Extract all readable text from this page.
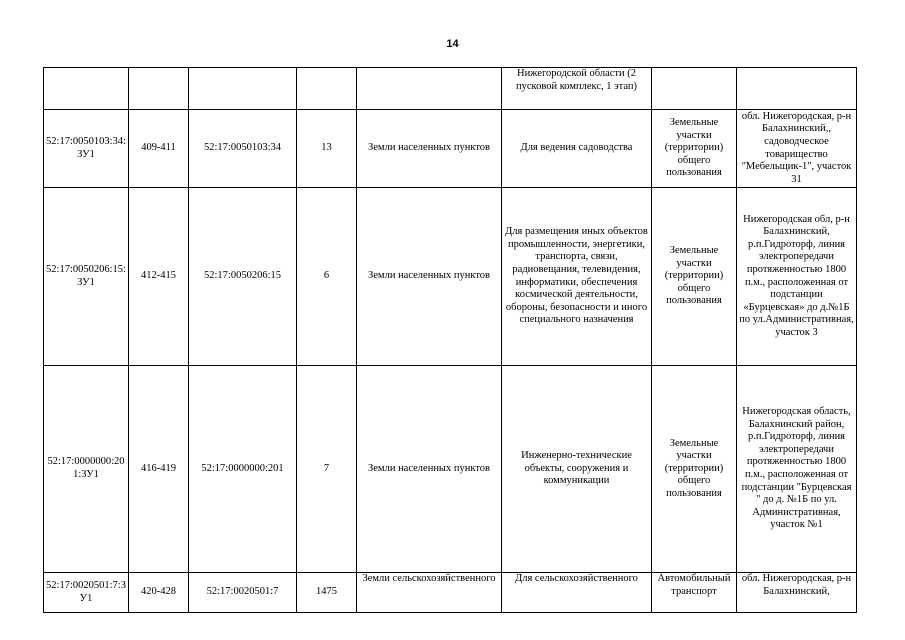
14
					Нижегородской области (2 пусковой комплекс, 1 этап)		
52:17:0050103:34:ЗУ1	409-411	52:17:0050103:34	13	Земли населенных пунктов	Для ведения садоводства	Земельные участки (территории) общего пользования	обл. Нижегородская, р-н Балахнинский,, садоводческое товарищество "Мебельщик-1", участок 31
52:17:0050206:15:ЗУ1	412-415	52:17:0050206:15	6	Земли населенных пунктов	Для размещения иных объектов промышленности, энергетики, транспорта, связи, радиовещания, телевидения, информатики, обеспечения космической деятельности, обороны, безопасности и иного специального назначения	Земельные участки (территории) общего пользования	Нижегородская обл, р-н Балахнинский, р.п.Гидроторф, линия электропередачи протяженностью 1800 п.м., расположенная от подстанции «Бурцевская» до д.№1Б по ул.Административная, участок 3
52:17:0000000:201:ЗУ1	416-419	52:17:0000000:201	7	Земли населенных пунктов	Инженерно-технические объекты, сооружения и коммуникации	Земельные участки (территории) общего пользования	Нижегородская область, Балахнинский район, р.п.Гидроторф, линия электропередачи протяженностью 1800 п.м., расположенная от подстанции "Бурцевская " до д. №1Б по ул. Административная, участок №1
52:17:0020501:7:ЗУ1	420-428	52:17:0020501:7	1475	Земли сельскохозяйственного	Для сельскохозяйственного	Автомобильный транспорт	обл. Нижегородская, р-н Балахнинский,
